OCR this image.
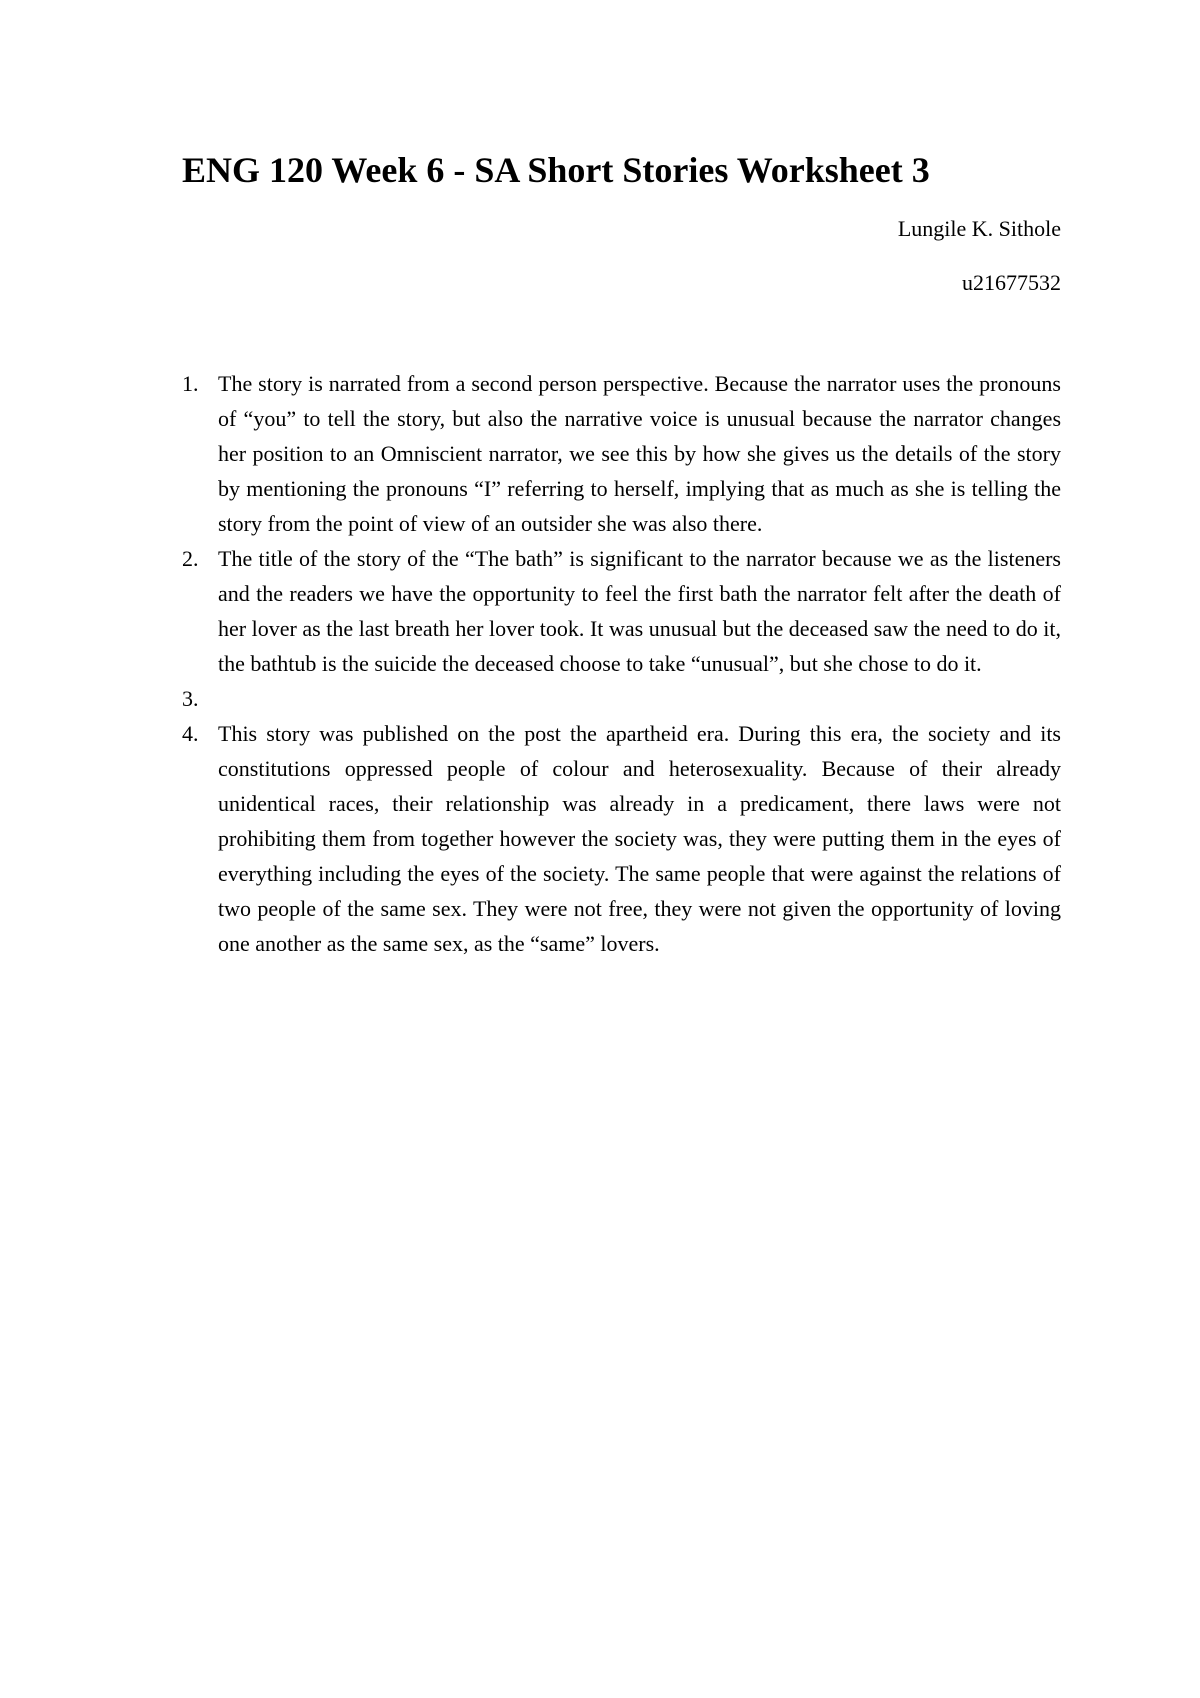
ENG 120 Week 6 - SA Short Stories Worksheet 3
Lungile K. Sithole
u21677532
1. The story is narrated from a second person perspective. Because the narrator uses the pronouns of “you” to tell the story, but also the narrative voice is unusual because the narrator changes her position to an Omniscient narrator, we see this by how she gives us the details of the story by mentioning the pronouns “I” referring to herself, implying that as much as she is telling the story from the point of view of an outsider she was also there.
2. The title of the story of the “The bath” is significant to the narrator because we as the listeners and the readers we have the opportunity to feel the first bath the narrator felt after the death of her lover as the last breath her lover took. It was unusual but the deceased saw the need to do it, the bathtub is the suicide the deceased choose to take “unusual”, but she chose to do it.
3.
4. This story was published on the post the apartheid era. During this era, the society and its constitutions oppressed people of colour and heterosexuality. Because of their already unidentical races, their relationship was already in a predicament, there laws were not prohibiting them from together however the society was, they were putting them in the eyes of everything including the eyes of the society. The same people that were against the relations of two people of the same sex. They were not free, they were not given the opportunity of loving one another as the same sex, as the “same” lovers.
